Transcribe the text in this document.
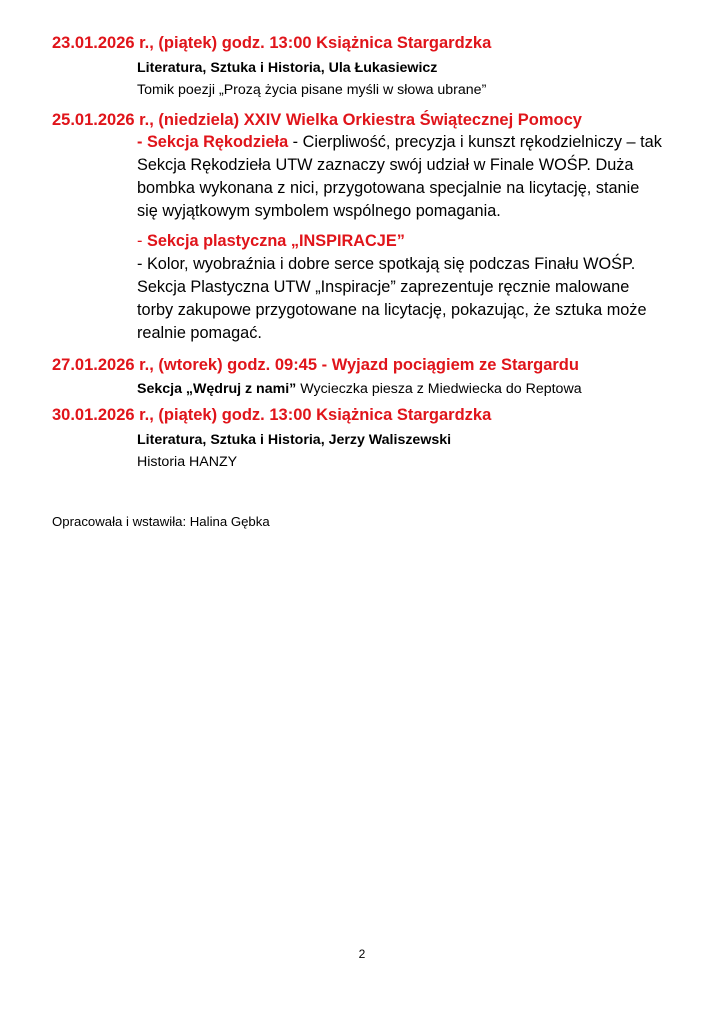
23.01.2026 r., (piątek) godz. 13:00 Książnica Stargardzka
Literatura, Sztuka i Historia, Ula Łukasiewicz
Tomik poezji „Prozą życia pisane myśli w słowa ubrane”
25.01.2026 r., (niedziela) XXIV Wielka Orkiestra Świątecznej Pomocy
- Sekcja Rękodzieła - Cierpliwość, precyzja i kunszt rękodzielniczy – tak
Sekcja Rękodzieła UTW zaznaczy swój udział w Finale WOŚP. Duża
bombka wykonana z nici, przygotowana specjalnie na licytację, stanie
się wyjątkowym symbolem wspólnego pomagania.
- Sekcja plastyczna „INSPIRACJE”
- Kolor, wyobraźnia i dobre serce spotkają się podczas Finału WOŚP.
Sekcja Plastyczna UTW „Inspiracje” zaprezentuje ręcznie malowane
torby zakupowe przygotowane na licytację, pokazując, że sztuka może
realnie pomagać.
27.01.2026 r., (wtorek) godz. 09:45 - Wyjazd pociągiem ze Stargardu
Sekcja „Wędruj z nami” Wycieczka piesza z Miedwiecka do Reptowa
30.01.2026 r., (piątek) godz. 13:00 Książnica Stargardzka
Literatura, Sztuka i Historia, Jerzy Waliszewski
Historia HANZY
Opracowała i wstawiła: Halina Gębka
2
